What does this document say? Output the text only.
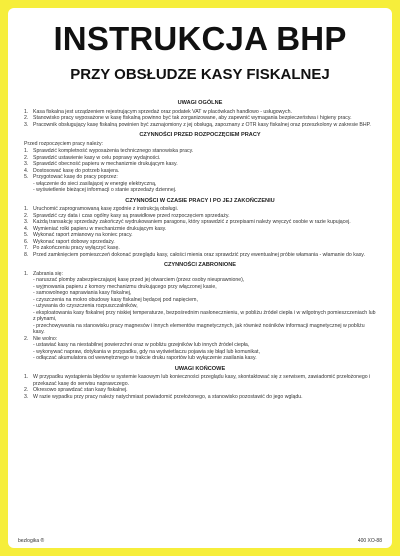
INSTRUKCJA BHP
PRZY OBSŁUDZE KASY FISKALNEJ
UWAGI OGÓLNE
1. Kasa fiskalna jest urządzeniem rejestrującym sprzedaż oraz podatek VAT w placówkach handlowo - usługowych.
2. Stanowisko pracy wyposażone w kasę fiskalną powinno być tak zorganizowane, aby zapewnić wymagania bezpieczeństwa i higieny pracy.
3. Pracownik obsługujący kasę fiskalną powinien być zaznajomiony z jej obsługą, zapoznany z OTR kasy fiskalnej oraz przeszkolony w zakresie BHP.
CZYNNOŚCI PRZED ROZPOCZĘCIEM PRACY
Przed rozpoczęciem pracy należy:
1. Sprawdzić kompletność wyposażenia technicznego stanowiska pracy.
2. Sprawdzić ustawienie kasy w celu poprawy wydajności.
3. Sprawdzić obecność papieru w mechanizmie drukującym kasy.
4. Dostosować kasę do potrzeb kasjera.
5. Przygotować kasę do pracy poprzez:
- włączenie do sieci zasilającej w energię elektryczną,
- wyświetlenie bieżącej informacji o stanie sprzedaży dziennej.
CZYNNOŚCI W CZASIE PRACY I PO JEJ ZAKOŃCZENIU
1. Uruchomić zaprogramowaną kasę zgodnie z instrukcją obsługi.
2. Sprawdzić czy data i czas ogólny kasy są prawidłowe przed rozpoczęciem sprzedaży.
3. Każdą transakcję sprzedaży zakończyć wydrukowaniem paragonu, który sprawdzić z przepisami należy wręczyć osobie w razie kupującej.
4. Wymieniać rolki papieru w mechanizmie drukującym kasy.
5. Wykonać raport zmianowy na koniec pracy.
6. Wykonać raport dobowy sprzedaży.
7. Po zakończeniu pracy wyłączyć kasę.
8. Przed zamknięciem pomieszczeń dokonać przeglądu kasy, całości mienia oraz sprawdzić przy ewentualnej próbie włamania - włamanie do kasy.
CZYNNOŚCI ZABRONIONE
1. Zabrania się:
- naruszać plomby zabezpieczającej kasę przed jej otwarciem (przez osoby nieuprawnione),
- wyjmowania papieru z komory mechanizmu drukującego przy włączonej kasie,
- samowolnego naprawiania kasy fiskalnej,
- czyszczenia na mokro obudowy kasy fiskalnej będącej pod napięciem,
- używania do czyszczenia rozpuszczalników,
- eksploatowania kasy fiskalnej przy niskiej temperaturze, bezpośrednim nasłonecznieniu, w pobliżu źródeł ciepła i w wilgotnych pomieszczeniach lub z płynami,
- przechowywania na stanowisku pracy magnesów i innych elementów magnetycznych, jak również nośników informacji magnetycznej w pobliżu kasy.
2. Nie wolno:
- ustawiać kasy na niestabilnej powierzchni oraz w pobliżu grzejników lub innych źródeł ciepła,
- wykonywać napraw, dotykania w przypadku, gdy na wyświetlaczu pojawia się błąd lub komunikat,
- odłączać akumulatora od wewnętrznego w trakcie druku raportów lub wyłączenie zasilania kasy.
UWAGI KOŃCOWE
1. W przypadku wystąpienia błędów w systemie kasowym lub konieczności przeglądu kasy, skontaktować się z serwisem, zawiadomić przełożonego i przekazać kasę do serwisu naprawczego.
2. Okresowo sprawdzać stan kasy fiskalnej.
3. W razie wypadku przy pracy należy natychmiast powiadomić przełożonego, a stanowisko pozostawić do jego wglądu.
bezlogika ®	400 XO-88
